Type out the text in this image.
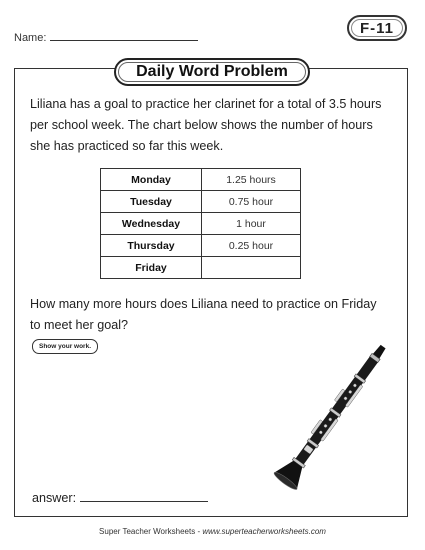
Name:
F-11
Daily Word Problem
Liliana has a goal to practice her clarinet for a total of 3.5 hours per school week. The chart below shows the number of hours she has practiced so far this week.
Monday	1.25 hours
Tuesday	0.75 hour
Wednesday	1 hour
Thursday	0.25 hour
Friday	
How many more hours does Liliana need to practice on Friday to meet her goal?
Show your work.
answer:
Super Teacher Worksheets - www.superteacherworksheets.com
